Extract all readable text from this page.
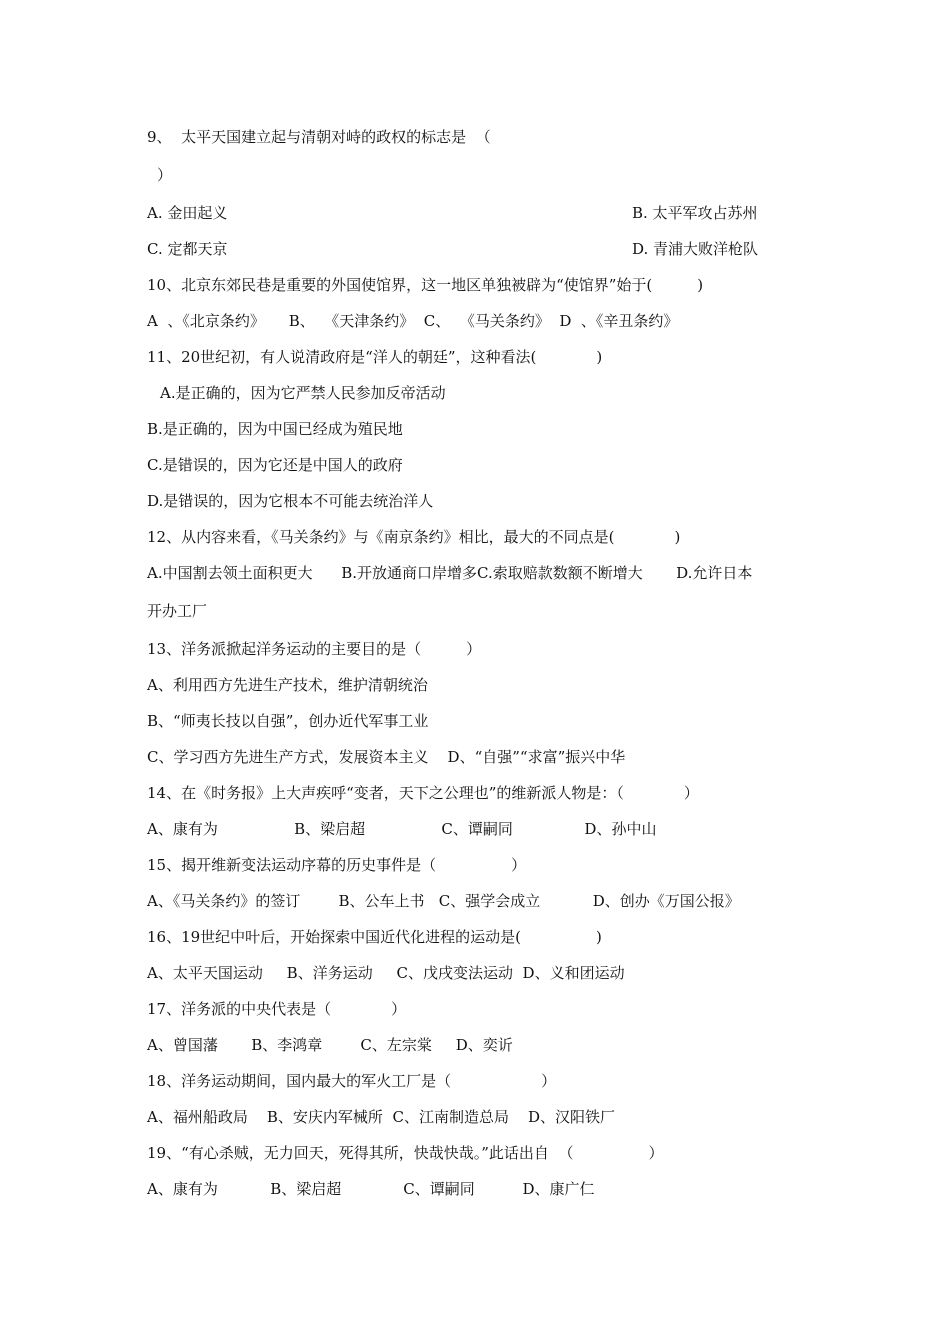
9、  太平天国建立起与清朝对峙的政权的标志是  （
）
A. 金田起义	B. 太平军攻占苏州
C. 定都天京	D. 青浦大败洋枪队
10、北京东郊民巷是重要的外国使馆界，这一地区单独被辟为“使馆界”始于(　　　)
A  、《北京条约》     B、  《天津条约》  C、  《马关条约》  D  、《辛丑条约》
11、20世纪初，有人说清政府是“洋人的朝廷”，这种看法(　　　　)
A.是正确的，因为它严禁人民参加反帝活动
B.是正确的，因为中国已经成为殖民地
C.是错误的，因为它还是中国人的政府
D.是错误的，因为它根本不可能去统治洋人
12、从内容来看，《马关条约》与《南京条约》相比，最大的不同点是(　　　　)
A.中国割去领土面积更大      B.开放通商口岸增多C.索取赔款数额不断增大       D.允许日本
开办工厂
13、洋务派掀起洋务运动的主要目的是（　　　）
A、利用西方先进生产技术，维护清朝统治
B、“师夷长技以自强”，创办近代军事工业
C、学习西方先进生产方式，发展资本主义    D、“自强”“求富”振兴中华
14、在《时务报》上大声疾呼“变者，天下之公理也”的维新派人物是：（　　　　）
A、康有为                B、梁启超                C、谭嗣同               D、孙中山
15、揭开维新变法运动序幕的历史事件是（　　　　　）
A、《马关条约》的签订        B、公车上书   C、强学会成立           D、创办《万国公报》
16、19世纪中叶后，开始探索中国近代化进程的运动是(　　　　　)
A、太平天国运动     B、洋务运动     C、戊戌变法运动  D、义和团运动
17、洋务派的中央代表是（　　　　）
A、曾国藩       B、李鸿章        C、左宗棠     D、奕䜣
18、洋务运动期间，国内最大的军火工厂是（　　　　　　）
A、福州船政局    B、安庆内军械所  C、江南制造总局    D、汉阳铁厂
19、“有心杀贼，无力回天，死得其所，快哉快哉。”此话出自  （　　　　　）
A、康有为           B、梁启超             C、谭嗣同          D、康广仁
